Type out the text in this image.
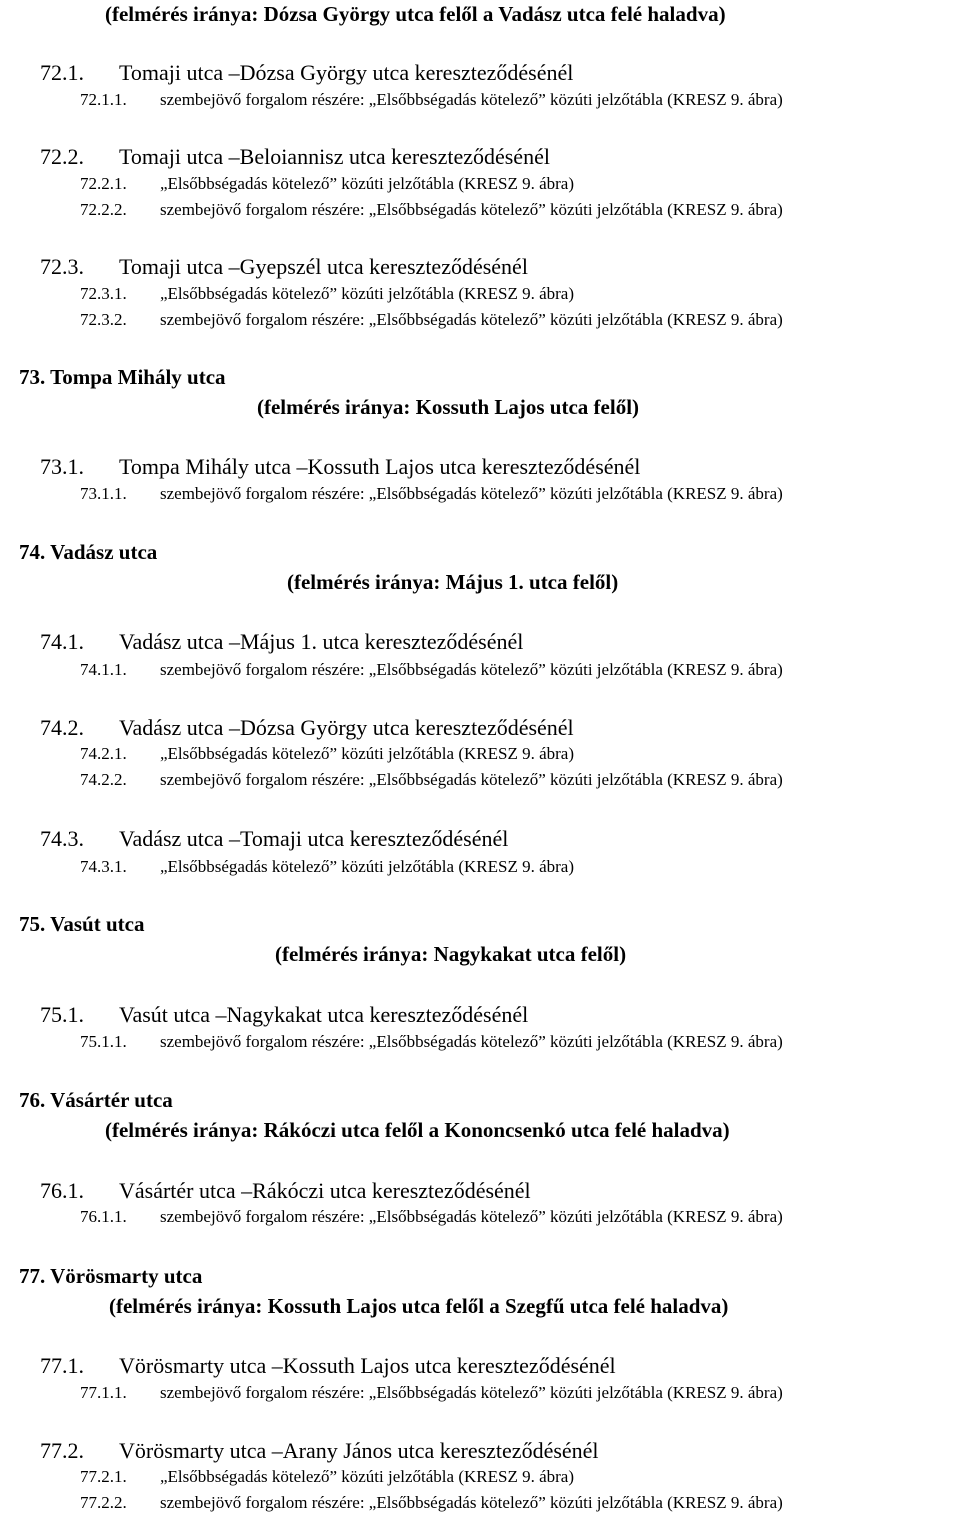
(felmérés iránya: Dózsa György utca felől a Vadász utca felé haladva)
72.1. Tomaji utca –Dózsa György utca kereszteződésénél
72.1.1. szembejövő forgalom részére: „Elsőbbségadás kötelező” közúti jelzőtábla (KRESZ 9. ábra)
72.2. Tomaji utca –Beloiannisz utca kereszteződésénél
72.2.1. „Elsőbbségadás kötelező” közúti jelzőtábla (KRESZ 9. ábra)
72.2.2. szembejövő forgalom részére: „Elsőbbségadás kötelező” közúti jelzőtábla (KRESZ 9. ábra)
72.3. Tomaji utca –Gyepszél utca kereszteződésénél
72.3.1. „Elsőbbségadás kötelező” közúti jelzőtábla (KRESZ 9. ábra)
72.3.2. szembejövő forgalom részére: „Elsőbbségadás kötelező” közúti jelzőtábla (KRESZ 9. ábra)
73. Tompa Mihály utca
(felmérés iránya: Kossuth Lajos utca felől)
73.1. Tompa Mihály utca –Kossuth Lajos utca kereszteződésénél
73.1.1. szembejövő forgalom részére: „Elsőbbségadás kötelező” közúti jelzőtábla (KRESZ 9. ábra)
74. Vadász utca
(felmérés iránya: Május 1. utca felől)
74.1. Vadász utca –Május 1. utca kereszteződésénél
74.1.1. szembejövő forgalom részére: „Elsőbbségadás kötelező” közúti jelzőtábla (KRESZ 9. ábra)
74.2. Vadász utca –Dózsa György utca kereszteződésénél
74.2.1. „Elsőbbségadás kötelező” közúti jelzőtábla (KRESZ 9. ábra)
74.2.2. szembejövő forgalom részére: „Elsőbbségadás kötelező” közúti jelzőtábla (KRESZ 9. ábra)
74.3. Vadász utca –Tomaji utca kereszteződésénél
74.3.1. „Elsőbbségadás kötelező” közúti jelzőtábla (KRESZ 9. ábra)
75. Vasút utca
(felmérés iránya: Nagykakat utca felől)
75.1. Vasút utca –Nagykakat utca kereszteződésénél
75.1.1. szembejövő forgalom részére: „Elsőbbségadás kötelező” közúti jelzőtábla (KRESZ 9. ábra)
76. Vásártér utca
(felmérés iránya: Rákóczi utca felől a Kononcsenkó utca felé haladva)
76.1. Vásártér utca –Rákóczi utca kereszteződésénél
76.1.1. szembejövő forgalom részére: „Elsőbbségadás kötelező” közúti jelzőtábla (KRESZ 9. ábra)
77. Vörösmarty utca
(felmérés iránya: Kossuth Lajos utca felől a Szegfű utca felé haladva)
77.1. Vörösmarty utca –Kossuth Lajos utca kereszteződésénél
77.1.1. szembejövő forgalom részére: „Elsőbbségadás kötelező” közúti jelzőtábla (KRESZ 9. ábra)
77.2. Vörösmarty utca –Arany János utca kereszteződésénél
77.2.1. „Elsőbbségadás kötelező” közúti jelzőtábla (KRESZ 9. ábra)
77.2.2. szembejövő forgalom részére: „Elsőbbségadás kötelező” közúti jelzőtábla (KRESZ 9. ábra)
